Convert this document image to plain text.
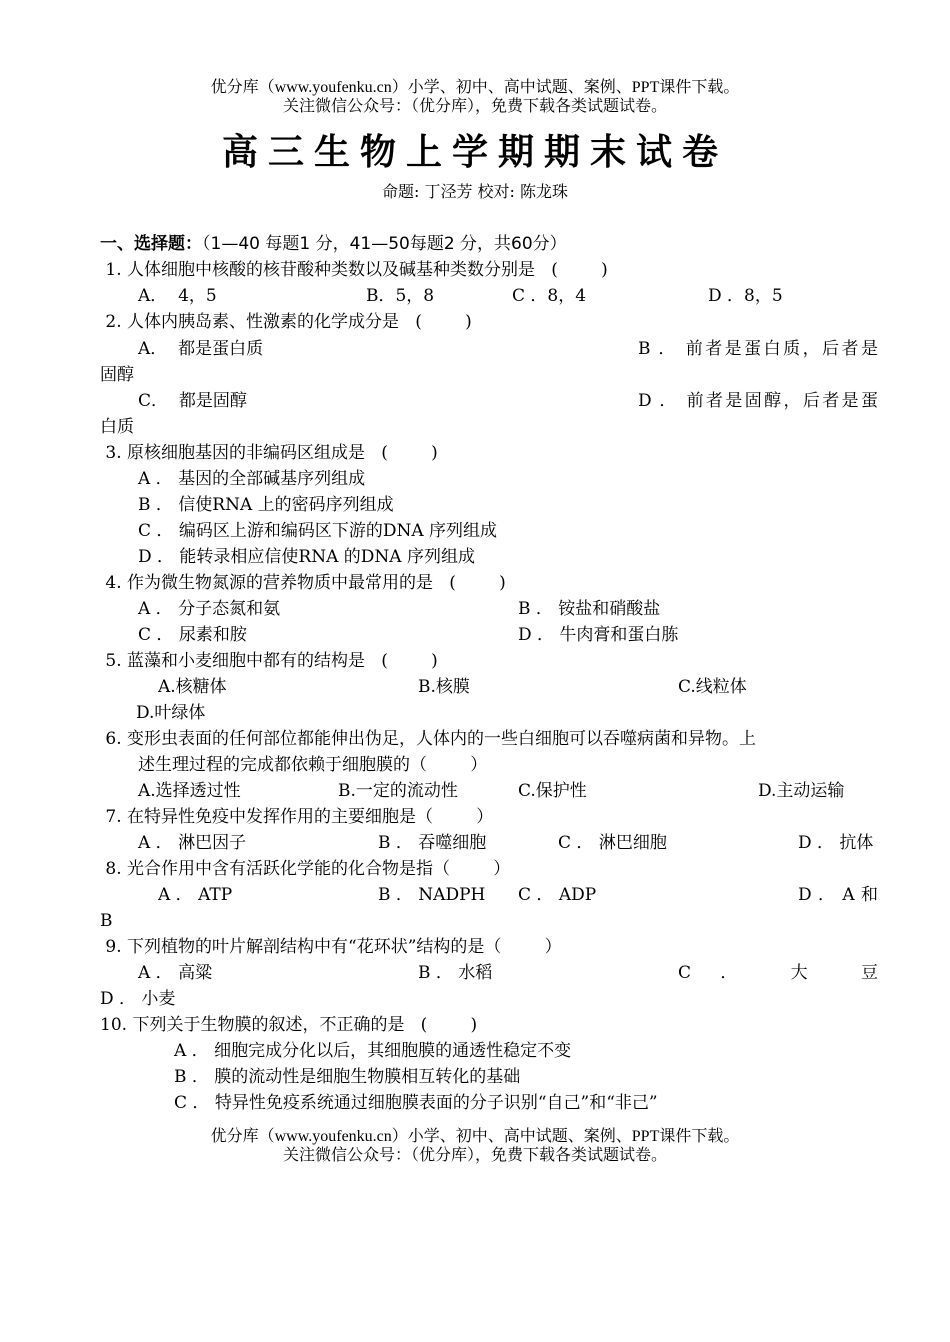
优分库（www.youfenku.cn）小学、初中、高中试题、案例、PPT课件下载。
关注微信公众号：（优分库），免费下载各类试题试卷。
高三生物上学期期末试卷
命题: 丁泾芳 校对: 陈龙珠
一、选择题：（1—40 每题1 分，41—50每题2 分，共60分）
1. 人体细胞中核酸的核苷酸种类数以及碱基种类数分别是   (        )
A．  4，5	B．5，8	C ．8，4	D ．8，5
2. 人体内胰岛素、性激素的化学成分是   (        )
A．  都是蛋白质	B ． 前者是蛋白质，后者是
固醇
C．  都是固醇	D ． 前者是固醇，后者是蛋
白质
3. 原核细胞基因的非编码区组成是   (        )
A ． 基因的全部碱基序列组成
B ． 信使RNA 上的密码序列组成
C ． 编码区上游和编码区下游的DNA 序列组成
D ． 能转录相应信使RNA 的DNA 序列组成
4. 作为微生物氮源的营养物质中最常用的是   (        )
A ． 分子态氮和氨	B ． 铵盐和硝酸盐
C ． 尿素和胺	D ． 牛肉膏和蛋白胨
5. 蓝藻和小麦细胞中都有的结构是   (        )
A.核糖体	B.核膜	C.线粒体
D.叶绿体
6. 变形虫表面的任何部位都能伸出伪足，人体内的一些白细胞可以吞噬病菌和异物。上
述生理过程的完成都依赖于细胞膜的（        ）
A.选择透过性	B.一定的流动性	C.保护性	D.主动运输
7. 在特异性免疫中发挥作用的主要细胞是（        ）
A ． 淋巴因子	B ． 吞噬细胞	C ． 淋巴细胞	D ． 抗体
8. 光合作用中含有活跃化学能的化合物是指（        ）
A ． ATP	B ． NADPH C ． ADP	D ． A 和
B
9. 下列植物的叶片解剖结构中有“花环状”结构的是（        ）
A ． 高粱	B ． 水稻	C ． 大 豆
D ． 小麦
10. 下列关于生物膜的叙述，不正确的是   (        )
A ． 细胞完成分化以后，其细胞膜的通透性稳定不变
B ． 膜的流动性是细胞生物膜相互转化的基础
C ． 特异性免疫系统通过细胞膜表面的分子识别“自己”和“非己”
优分库（www.youfenku.cn）小学、初中、高中试题、案例、PPT课件下载。
关注微信公众号：（优分库），免费下载各类试题试卷。
